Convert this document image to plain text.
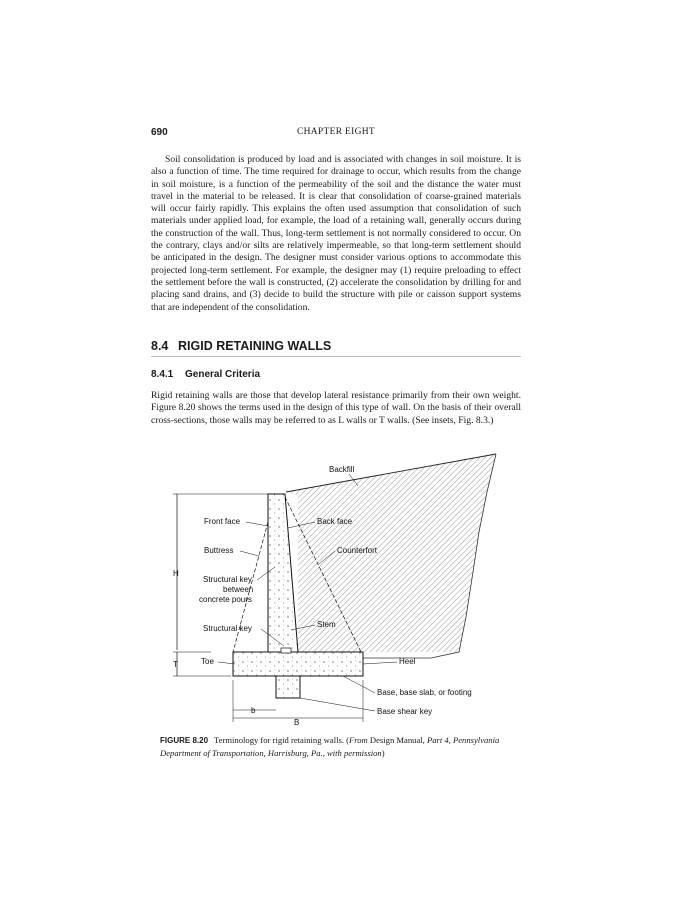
690	CHAPTER EIGHT

Soil consolidation is produced by load and is associated with changes in soil moisture. It is also a function of time. The time required for drainage to occur, which results from the change in soil moisture, is a function of the permeability of the soil and the distance the water must travel in the material to be released. It is clear that consolidation of coarse-grained materials will occur fairly rapidly. This explains the often used assumption that consolidation of such materials under applied load, for example, the load of a retaining wall, generally occurs during the construction of the wall. Thus, long-term settlement is not normally considered to occur. On the contrary, clays and/or silts are relatively impermeable, so that long-term settlement should be anticipated in the design. The designer must consider various options to accommodate this projected long-term settlement. For example, the designer may (1) require preloading to effect the settlement before the wall is constructed, (2) accelerate the consolidation by drilling for and placing sand drains, and (3) decide to build the structure with pile or caisson support systems that are independent of the consolidation.

8.4 RIGID RETAINING WALLS
8.4.1 General Criteria

Rigid retaining walls are those that develop lateral resistance primarily from their own weight. Figure 8.20 shows the terms used in the design of this type of wall. On the basis of their overall cross-sections, those walls may be referred to as L walls or T walls. (See insets, Fig. 8.3.)

H
T
b
B
Backfill
Front face	Back face
Buttress	Counterfort
Structural key
between
concrete pours
Structural key	Stem
Toe	Heel
Base, base slab, or footing
Base shear key
FIGURE 8.20 Terminology for rigid retaining walls. (From Design Manual, Part 4, Pennsylvania Department of Transportation, Harrisburg, Pa., with permission)
